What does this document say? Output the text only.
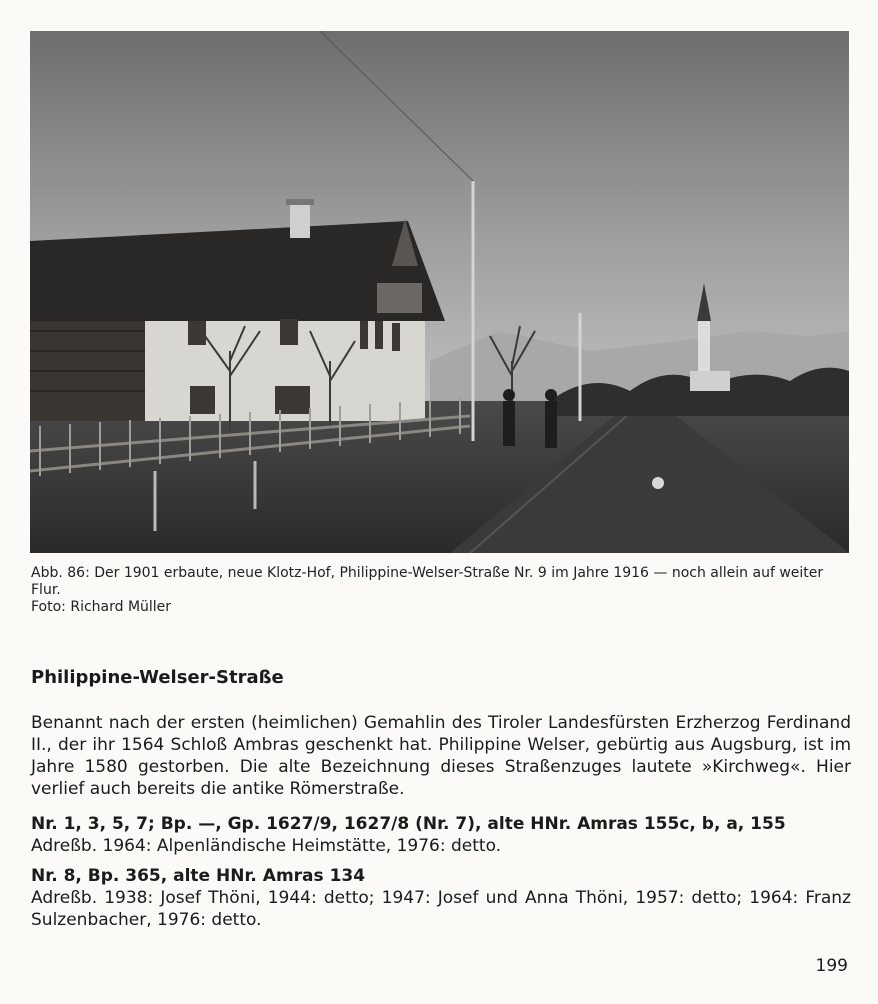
Abb. 86: Der 1901 erbaute, neue Klotz-Hof, Philippine-Welser-Straße Nr. 9 im Jahre 1916 — noch allein auf weiter Flur.

Foto: Richard Müller

Philippine-Welser-Straße

Benannt nach der ersten (heimlichen) Gemahlin des Tiroler Landesfürsten Erzherzog Ferdinand II., der ihr 1564 Schloß Ambras geschenkt hat. Philippine Welser, gebürtig aus Augsburg, ist im Jahre 1580 gestorben. Die alte Bezeichnung dieses Straßenzuges lautete »Kirchweg«. Hier verlief auch bereits die antike Römerstraße.

Nr. 1, 3, 5, 7; Bp. —, Gp. 1627/9, 1627/8 (Nr. 7), alte HNr. Amras 155c, b, a, 155

Adreßb. 1964: Alpenländische Heimstätte, 1976: detto.

Nr. 8, Bp. 365, alte HNr. Amras 134

Adreßb. 1938: Josef Thöni, 1944: detto; 1947: Josef und Anna Thöni, 1957: detto; 1964: Franz Sulzenbacher, 1976: detto.

199
